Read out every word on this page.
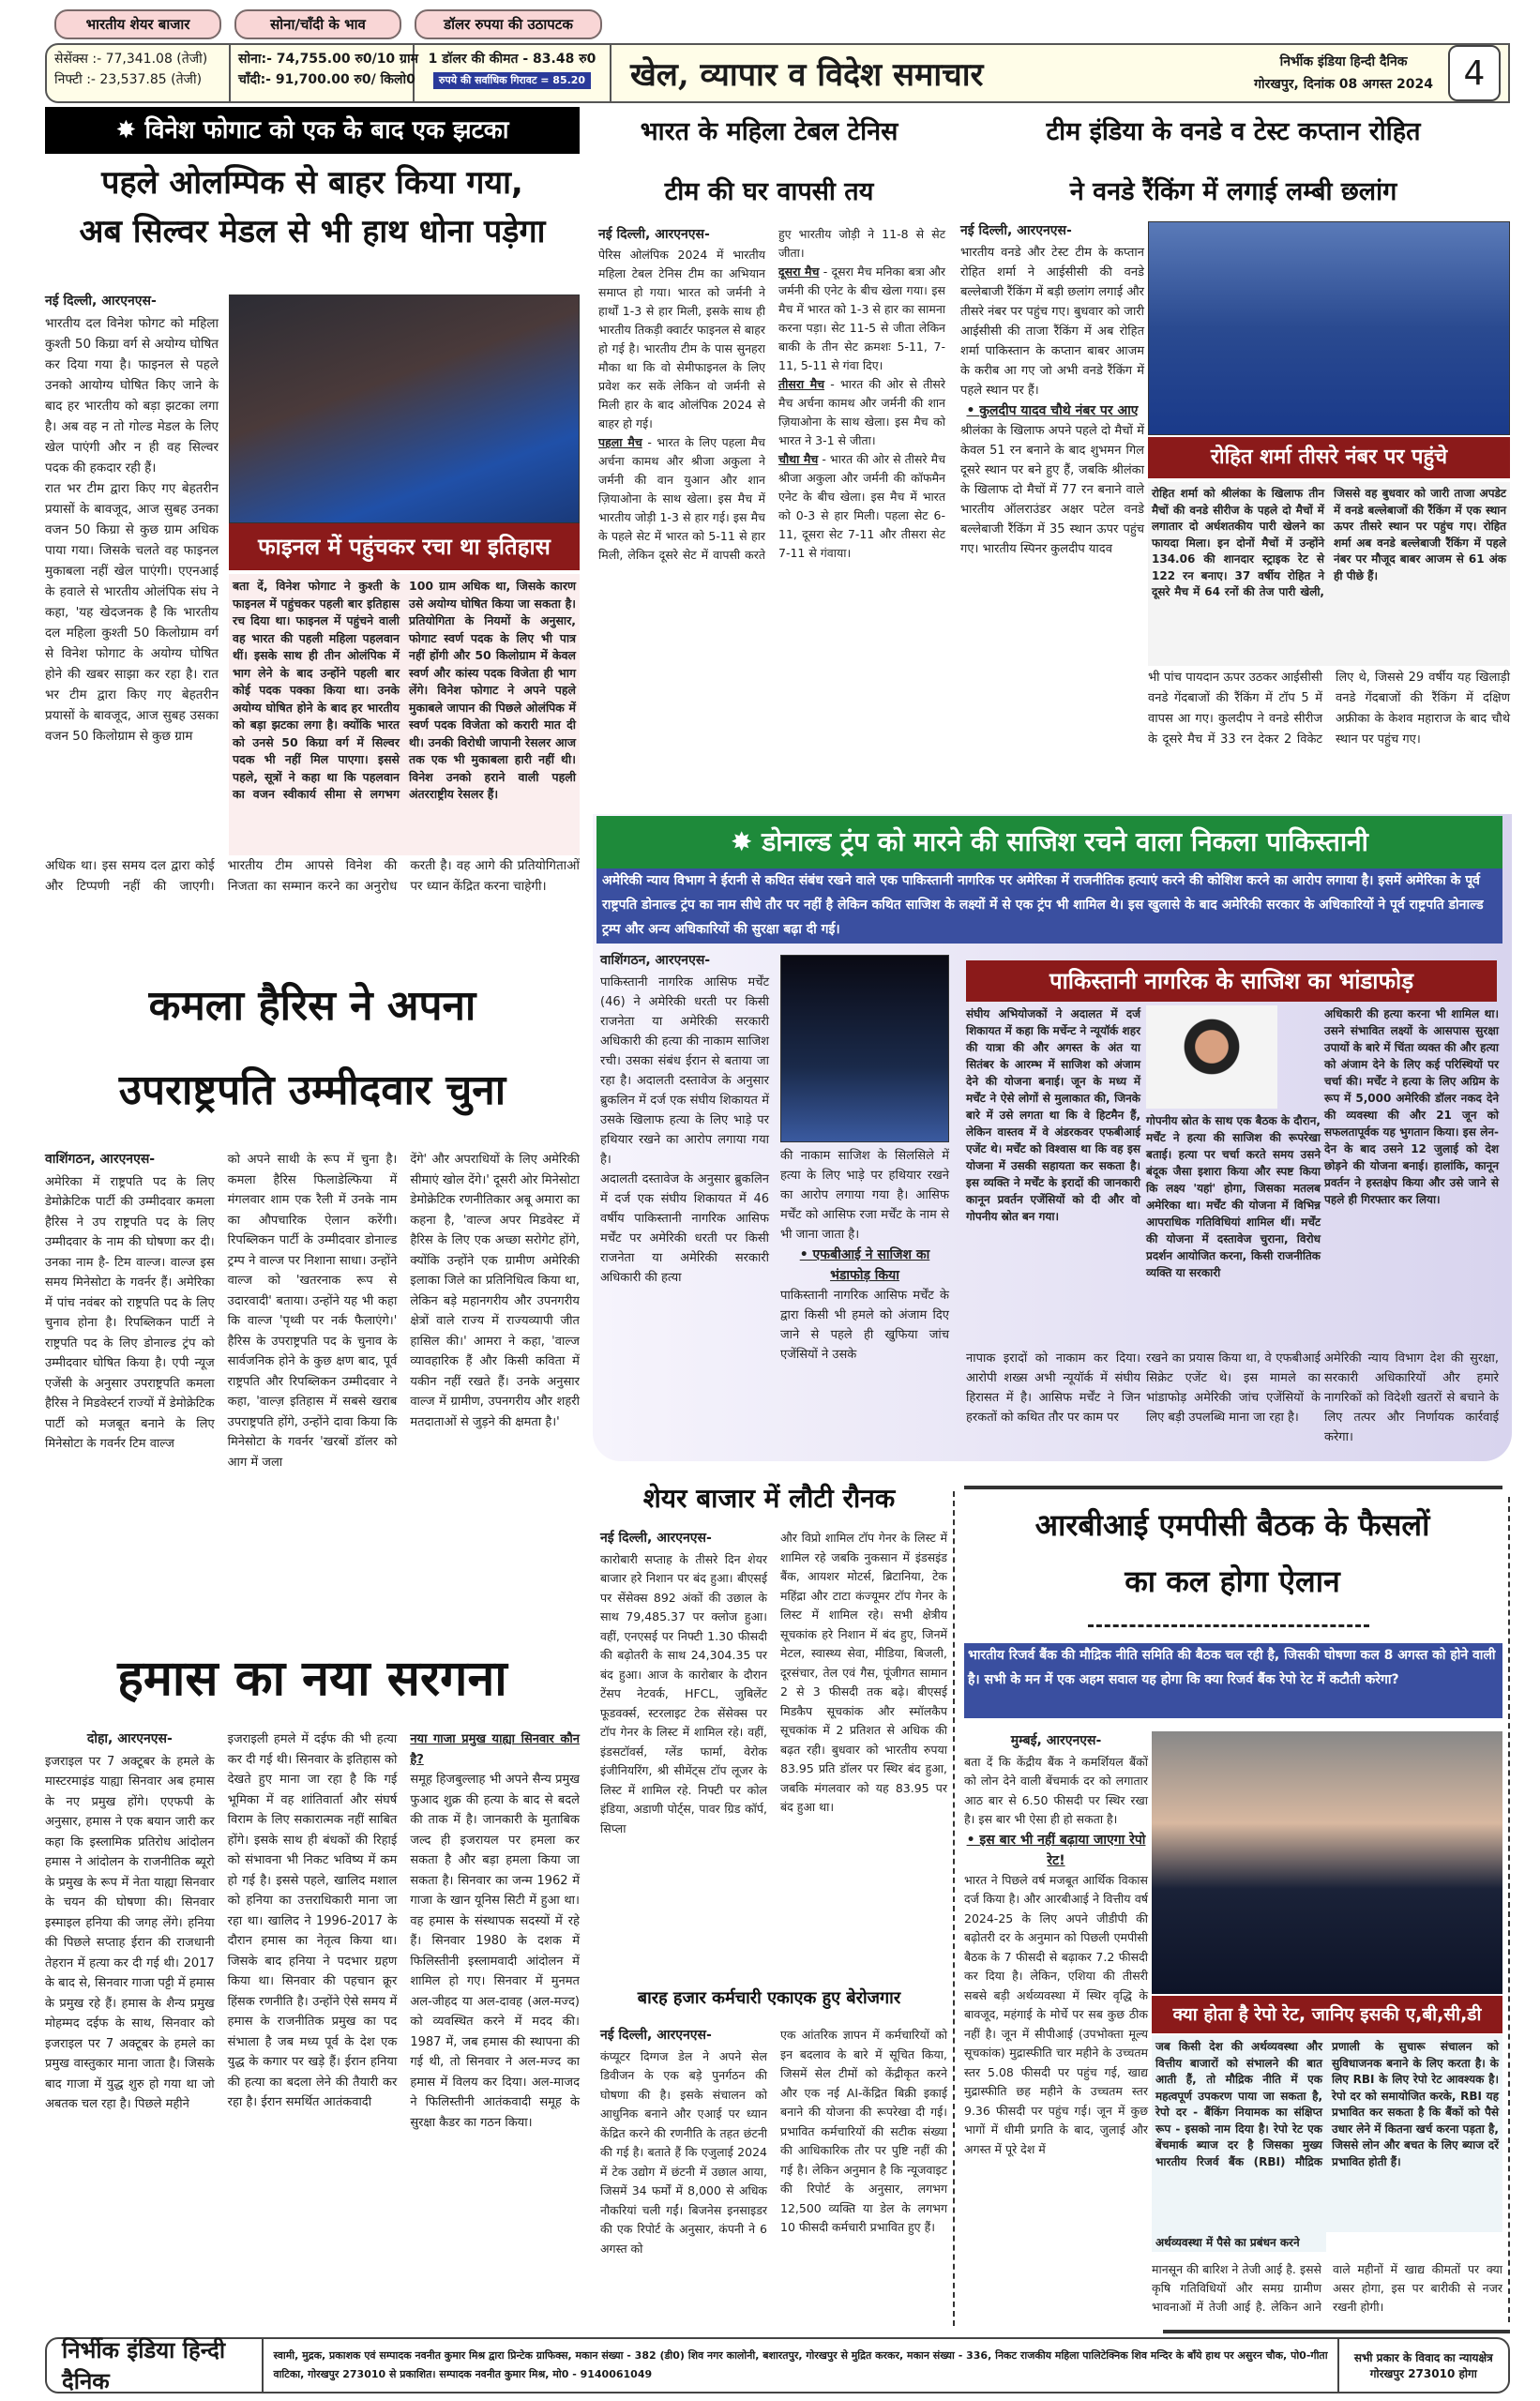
भारतीय शेयर बाजार	सोना/चाँदी के भाव	डॉलर रुपया की उठापटक
सेसेंक्स :- 77,341.08 (तेजी)
निफ्टी :- 23,537.85 (तेजी)
सोना:- 74,755.00 रु0/10 ग्राम
चाँदी:- 91,700.00 रु0/ किलो0
1 डॉलर की कीमत - 83.48 रु0
रुपये की सर्वाधिक गिरावट = 85.20	खेल, व्यापार व विदेश समाचार	निर्भीक इंडिया हिन्दी दैनिक
गोरखपुर, दिनांक 08 अगस्त 2024 4
✸ विनेश फोगाट को एक के बाद एक झटका
पहले ओलम्पिक से बाहर किया गया,
अब सिल्वर मेडल से भी हाथ धोना पड़ेगा
नई दिल्ली, आरएनएस-

भारतीय दल विनेश फोगट को महिला कुश्ती 50 किग्रा वर्ग से अयोग्य घोषित कर दिया गया है। फाइनल से पहले उनको आयोग्य घोषित किए जाने के बाद हर भारतीय को बड़ा झटका लगा है। अब वह न तो गोल्ड मेडल के लिए खेल पाएंगी और न ही वह सिल्वर पदक की हकदार रही हैं।

रात भर टीम द्वारा किए गए बेहतरीन प्रयासों के बावजूद, आज सुबह उनका वजन 50 किग्रा से कुछ ग्राम अधिक पाया गया। जिसके चलते वह फाइनल मुकाबला नहीं खेल पाएंगी। एएनआई के हवाले से भारतीय ओलंपिक संघ ने कहा, 'यह खेदजनक है कि भारतीय दल महिला कुश्ती 50 किलोग्राम वर्ग से विनेश फोगाट के अयोग्य घोषित होने की खबर साझा कर रहा है। रात भर टीम द्वारा किए गए बेहतरीन प्रयासों के बावजूद, आज सुबह उसका वजन 50 किलोग्राम से कुछ ग्राम

फाइनल में पहुंचकर रचा था इतिहास
बता दें, विनेश फोगाट ने कुश्ती के फाइनल में पहुंचकर पहली बार इतिहास रच दिया था। फाइनल में पहुंचने वाली वह भारत की पहली महिला पहलवान थीं। इसके साथ ही तीन ओलंपिक में भाग लेने के बाद उन्होंने पहली बार कोई पदक पक्का किया था। उनके अयोग्य घोषित होने के बाद हर भारतीय को बड़ा झटका लगा है। क्योंकि भारत को उनसे 50 किग्रा वर्ग में सिल्वर पदक भी नहीं मिल पाएगा। इससे पहले, सूत्रों ने कहा था कि पहलवान का वजन स्वीकार्य सीमा से लगभग 100 ग्राम अधिक था, जिसके कारण उसे अयोग्य घोषित किया जा सकता है। प्रतियोगिता के नियमों के अनुसार, फोगाट स्वर्ण पदक के लिए भी पात्र नहीं होंगी और 50 किलोग्राम में केवल स्वर्ण और कांस्य पदक विजेता ही भाग लेंगे। विनेश फोगाट ने अपने पहले मुकाबले जापान की पिछले ओलंपिक में स्वर्ण पदक विजेता को करारी मात दी थी। उनकी विरोधी जापानी रेसलर आज तक एक भी मुकाबला हारी नहीं थी। विनेश उनको हराने वाली पहली अंतरराष्ट्रीय रेसलर हैं।
अधिक था। इस समय दल द्वारा कोई और टिप्पणी नहीं की जाएगी। भारतीय टीम आपसे विनेश की निजता का सम्मान करने का अनुरोध करती है। वह आगे की प्रतियोगिताओं पर ध्यान केंद्रित करना चाहेगी।
भारत के महिला टेबल टेनिस
टीम की घर वापसी तय
नई दिल्ली, आरएनएस-

पेरिस ओलंपिक 2024 में भारतीय महिला टेबल टेनिस टीम का अभियान समाप्त हो गया। भारत को जर्मनी ने हार्थों 1-3 से हार मिली, इसके साथ ही भारतीय तिकड़ी क्वार्टर फाइनल से बाहर हो गई है। भारतीय टीम के पास सुनहरा मौका था कि वो सेमीफाइनल के लिए प्रवेश कर सकें लेकिन वो जर्मनी से मिली हार के बाद ओलंपिक 2024 से बाहर हो गई।

पहला मैच - भारत के लिए पहला मैच अर्चना कामथ और श्रीजा अकुला ने जर्मनी की वान युआन और शान ज़ियाओना के साथ खेला। इस मैच में भारतीय जोड़ी 1-3 से हार गई। इस मैच के पहले सेट में भारत को 5-11 से हार मिली, लेकिन दूसरे सेट में वापसी करते हुए भारतीय जोड़ी ने 11-8 से सेट जीता।

दूसरा मैच - दूसरा मैच मनिका बत्रा और जर्मनी की एनेट के बीच खेला गया। इस मैच में भारत को 1-3 से हार का सामना करना पड़ा। सेट 11-5 से जीता लेकिन बाकी के तीन सेट क्रमशः 5-11, 7-11, 5-11 से गंवा दिए।

तीसरा मैच - भारत की ओर से तीसरे मैच अर्चना कामथ और जर्मनी की शान ज़ियाओना के साथ खेला। इस मैच को भारत ने 3-1 से जीता।

चौथा मैच - भारत की ओर से तीसरे मैच श्रीजा अकुला और जर्मनी की कॉफमैन एनेट के बीच खेला। इस मैच में भारत को 0-3 से हार मिली। पहला सेट 6-11, दूसरा सेट 7-11 और तीसरा सेट 7-11 से गंवाया।

टीम इंडिया के वनडे व टेस्ट कप्तान रोहित
ने वनडे रैंकिंग में लगाई लम्बी छलांग
नई दिल्ली, आरएनएस-

भारतीय वनडे और टेस्ट टीम के कप्तान रोहित शर्मा ने आईसीसी की वनडे बल्लेबाजी रैंकिंग में बड़ी छलांग लगाई और तीसरे नंबर पर पहुंच गए। बुधवार को जारी आईसीसी की ताजा रैंकिंग में अब रोहित शर्मा पाकिस्तान के कप्तान बाबर आजम के करीब आ गए जो अभी वनडे रैंकिंग में पहले स्थान पर हैं।

• कुलदीप यादव चौथे नंबर पर आए

श्रीलंका के खिलाफ अपने पहले दो मैचों में केवल 51 रन बनाने के बाद शुभमन गिल दूसरे स्थान पर बने हुए हैं, जबकि श्रीलंका के खिलाफ दो मैचों में 77 रन बनाने वाले भारतीय ऑलराउंडर अक्षर पटेल वनडे बल्लेबाजी रैंकिंग में 35 स्थान ऊपर पहुंच गए। भारतीय स्पिनर कुलदीप यादव

रोहित शर्मा तीसरे नंबर पर पहुंचे
रोहित शर्मा को श्रीलंका के खिलाफ तीन मैचों की वनडे सीरीज के पहले दो मैचों में लगातार दो अर्धशतकीय पारी खेलने का फायदा मिला। इन दोनों मैचों में उन्होंने 134.06 की शानदार स्ट्राइक रेट से 122 रन बनाए। 37 वर्षीय रोहित ने दूसरे मैच में 64 रनों की तेज पारी खेली, जिससे वह बुधवार को जारी ताजा अपडेट में वनडे बल्लेबाजों की रैंकिंग में एक स्थान ऊपर तीसरे स्थान पर पहुंच गए। रोहित शर्मा अब वनडे बल्लेबाजी रैंकिंग में पहले नंबर पर मौजूद बाबर आजम से 61 अंक ही पीछे हैं।
भी पांच पायदान ऊपर उठकर आईसीसी वनडे गेंदबाजों की रैंकिंग में टॉप 5 में वापस आ गए। कुलदीप ने वनडे सीरीज के दूसरे मैच में 33 रन देकर 2 विकेट लिए थे, जिससे 29 वर्षीय यह खिलाड़ी वनडे गेंदबाजों की रैंकिंग में दक्षिण अफ्रीका के केशव महाराज के बाद चौथे स्थान पर पहुंच गए।
✸ डोनाल्ड ट्रंप को मारने की साजिश रचने वाला निकला पाकिस्तानी
अमेरिकी न्याय विभाग ने ईरानी से कथित संबंध रखने वाले एक पाकिस्तानी नागरिक पर अमेरिका में राजनीतिक हत्याएं करने की कोशिश करने का आरोप लगाया है। इसमें अमेरिका के पूर्व राष्ट्रपति डोनाल्ड ट्रंप का नाम सीधे तौर पर नहीं है लेकिन कथित साजिश के लक्ष्यों में से एक ट्रंप भी शामिल थे। इस खुलासे के बाद अमेरिकी सरकार के अधिकारियों ने पूर्व राष्ट्रपति डोनाल्ड ट्रम्प और अन्य अधिकारियों की सुरक्षा बढ़ा दी गई।
वाशिंगठन, आरएनएस-

पाकिस्तानी नागरिक आसिफ मर्चेंट (46) ने अमेरिकी धरती पर किसी राजनेता या अमेरिकी सरकारी अधिकारी की हत्या की नाकाम साजिश रची। उसका संबंध ईरान से बताया जा रहा है। अदालती दस्तावेज के अनुसार ब्रुकलिन में दर्ज एक संघीय शिकायत में उसके खिलाफ हत्या के लिए भाड़े पर हथियार रखने का आरोप लगाया गया है।

अदालती दस्तावेज के अनुसार ब्रुकलिन में दर्ज एक संघीय शिकायत में 46 वर्षीय पाकिस्तानी नागरिक आसिफ मर्चेंट पर अमेरिकी धरती पर किसी राजनेता या अमेरिकी सरकारी अधिकारी की हत्या

की नाकाम साजिश के सिलसिले में हत्या के लिए भाड़े पर हथियार रखने का आरोप लगाया गया है। आसिफ मर्चेंट को आसिफ रजा मर्चेंट के नाम से भी जाना जाता है।

• एफबीआई ने साजिश का भंडाफोड़ किया

पाकिस्तानी नागरिक आसिफ मर्चेंट के द्वारा किसी भी हमले को अंजाम दिए जाने से पहले ही खुफिया जांच एजेंसियों ने उसके

पाकिस्तानी नागरिक के साजिश का भांडाफोड़
संघीय अभियोजकों ने अदालत में दर्ज शिकायत में कहा कि मर्चेन्ट ने न्यूयॉर्क शहर की यात्रा की और अगस्त के अंत या सितंबर के आरम्भ में साजिश को अंजाम देने की योजना बनाई। जून के मध्य में मर्चेंट ने ऐसे लोगों से मुलाकात की, जिनके बारे में उसे लगता था कि वे हिटमैन हैं, लेकिन वास्तव में वे अंडरकवर एफबीआई एजेंट थे। मर्चेंट को विश्वास था कि वह इस योजना में उसकी सहायता कर सकता है। इस व्यक्ति ने मर्चेंट के इरादों की जानकारी कानून प्रवर्तन एजेंसियों को दी और वो गोपनीय स्रोत बन गया।
गोपनीय स्रोत के साथ एक बैठक के दौरान, मर्चेंट ने हत्या की साजिश की रूपरेखा बताई। हत्या पर चर्चा करते समय उसने बंदूक जैसा इशारा किया और स्पष्ट किया कि लक्ष्य 'यहां' होगा, जिसका मतलब अमेरिका था। मर्चेंट की योजना में विभिन्न आपराधिक गतिविधियां शामिल थीं। मर्चेंट की योजना में दस्तावेज चुराना, विरोध प्रदर्शन आयोजित करना, किसी राजनीतिक व्यक्ति या सरकारी
अधिकारी की हत्या करना भी शामिल था। उसने संभावित लक्ष्यों के आसपास सुरक्षा उपायों के बारे में चिंता व्यक्त की और हत्या को अंजाम देने के लिए कई परिस्थियों पर चर्चा की। मर्चेंट ने हत्या के लिए अग्रिम के रूप में 5,000 अमेरिकी डॉलर नकद देने की व्यवस्था की और 21 जून को सफलतापूर्वक यह भुगतान किया। इस लेन-देन के बाद उसने 12 जुलाई को देश छोड़ने की योजना बनाई। हालांकि, कानून प्रवर्तन ने हस्तक्षेप किया और उसे जाने से पहले ही गिरफ्तार कर लिया।
नापाक इरादों को नाकाम कर दिया। आरोपी शख्स अभी न्यूयॉर्क में संघीय हिरासत में है। आसिफ मर्चेंट ने जिन हरकतों को कथित तौर पर काम पर
रखने का प्रयास किया था, वे एफबीआई सिक्रेट एजेंट थे। इस मामले का भांडाफोड़ अमेरिकी जांच एजेंसियों के लिए बड़ी उपलब्धि माना जा रहा है।
अमेरिकी न्याय विभाग देश की सुरक्षा, सरकारी अधिकारियों और हमारे नागरिकों को विदेशी खतरों से बचाने के लिए तत्पर और निर्णायक कार्रवाई करेगा।
कमला हैरिस ने अपना
उपराष्ट्रपति उम्मीदवार चुना
वाशिंगठन, आरएनएस-

अमेरिका में राष्ट्रपति पद के लिए डेमोक्रेटिक पार्टी की उम्मीदवार कमला हैरिस ने उप राष्ट्रपति पद के लिए उम्मीदवार के नाम की घोषणा कर दी। उनका नाम है- टिम वाल्ज। वाल्ज इस समय मिनेसोटा के गवर्नर हैं। अमेरिका में पांच नवंबर को राष्ट्रपति पद के लिए चुनाव होना है। रिपब्लिकन पार्टी ने राष्ट्रपति पद के लिए डोनाल्ड ट्रंप को उम्मीदवार घोषित किया है। एपी न्यूज एजेंसी के अनुसार उपराष्ट्रपति कमला हैरिस ने मिडवेस्टर्न राज्यों में डेमोक्रेटिक पार्टी को मजबूत बनाने के लिए मिनेसोटा के गवर्नर टिम वाल्ज

को अपने साथी के रूप में चुना है। कमला हैरिस फिलाडेल्फिया में मंगलवार शाम एक रैली में उनके नाम का औपचारिक ऐलान करेंगी। रिपब्लिकन पार्टी के उम्मीदवार डोनाल्ड ट्रम्प ने वाल्ज पर निशाना साधा। उन्होंने वाल्ज को 'खतरनाक रूप से उदारवादी' बताया। उन्होंने यह भी कहा कि वाल्ज 'पृथ्वी पर नर्क फैलाएंगे।' हैरिस के उपराष्ट्रपति पद के चुनाव के सार्वजनिक होने के कुछ क्षण बाद, पूर्व राष्ट्रपति और रिपब्लिकन उम्मीदवार ने कहा, 'वाल्ज़ इतिहास में सबसे खराब उपराष्ट्रपति होंगे, उन्होंने दावा किया कि मिनेसोटा के गवर्नर 'खरबों डॉलर को आग में जला

देंगे' और अपराधियों के लिए अमेरिकी सीमाएं खोल देंगे।' दूसरी ओर मिनेसोटा डेमोक्रेटिक रणनीतिकार अबू अमारा का कहना है, 'वाल्ज अपर मिडवेस्ट में हैरिस के लिए एक अच्छा सरोगेट होंगे, क्योंकि उन्होंने एक ग्रामीण अमेरिकी इलाका जिले का प्रतिनिधित्व किया था, लेकिन बड़े महानगरीय और उपनगरीय क्षेत्रों वाले राज्य में राज्यव्यापी जीत हासिल की।' आमरा ने कहा, 'वाल्ज व्यावहारिक हैं और किसी कविता में यकीन नहीं रखते हैं। उनके अनुसार वाल्ज में ग्रामीण, उपनगरीय और शहरी मतदाताओं से जुड़ने की क्षमता है।'

हमास का नया सरगना
दोहा, आरएनएस-

इजराइल पर 7 अक्टूबर के हमले के मास्टरमाइंड याह्या सिनवार अब हमास के नए प्रमुख होंगे। एएफपी के अनुसार, हमास ने एक बयान जारी कर कहा कि इस्लामिक प्रतिरोध आंदोलन हमास ने आंदोलन के राजनीतिक ब्यूरो के प्रमुख के रूप में नेता याह्या सिनवार के चयन की घोषणा की। सिनवार इस्माइल हनिया की जगह लेंगे। हनिया की पिछले सप्ताह ईरान की राजधानी तेहरान में हत्या कर दी गई थी। 2017 के बाद से, सिनवार गाजा पट्टी में हमास के प्रमुख रहे हैं। हमास के शैन्य प्रमुख मोहम्मद दईफ के साथ, सिनवार को इजराइल पर 7 अक्टूबर के हमले का प्रमुख वास्तुकार माना जाता है। जिसके बाद गाजा में युद्ध शुरु हो गया था जो अबतक चल रहा है। पिछले महीने

इजराइली हमले में दईफ की भी हत्या कर दी गई थी। सिनवार के इतिहास को देखते हुए माना जा रहा है कि गई भूमिका में वह शांतिवार्ता और संघर्ष विराम के लिए सकारात्मक नहीं साबित होंगे। इसके साथ ही बंधकों की रिहाई को संभावना भी निकट भविष्य में कम हो गई है। इससे पहले, खालिद मशाल को हनिया का उत्तराधिकारी माना जा रहा था। खालिद ने 1996-2017 के दौरान हमास का नेतृत्व किया था। जिसके बाद हनिया ने पदभार ग्रहण किया था। सिनवार की पहचान क्रूर हिंसक रणनीति है। उन्होंने ऐसे समय में हमास के राजनीतिक प्रमुख का पद संभाला है जब मध्य पूर्व के देश एक युद्ध के कगार पर खड़े हैं। ईरान हनिया की हत्या का बदला लेने की तैयारी कर रहा है। ईरान समर्थित आतंकवादी

नया गाजा प्रमुख याह्या सिनवार कौन है?

समूह हिजबुल्लाह भी अपने सैन्य प्रमुख फुआद शुक्र की हत्या के बाद से बदले की ताक में है। जानकारी के मुताबिक जल्द ही इजरायल पर हमला कर सकता है और बड़ा हमला किया जा सकता है। सिनवार का जन्म 1962 में गाजा के खान यूनिस सिटी में हुआ था। वह हमास के संस्थापक सदस्यों में रहे हैं। सिनवार 1980 के दशक में फिलिस्तीनी इस्लामवादी आंदोलन में शामिल हो गए। सिनवार में मुनमत अल-जीहद या अल-दावह (अल-मज्द) को व्यवस्थित करने में मदद की। 1987 में, जब हमास की स्थापना की गई थी, तो सिनवार ने अल-मज्द का हमास में विलय कर दिया। अल-माजद ने फिलिस्तीनी आतंकवादी समूह के सुरक्षा कैडर का गठन किया।

शेयर बाजार में लौटी रौनक
नई दिल्ली, आरएनएस-

कारोबारी सप्ताह के तीसरे दिन शेयर बाजार हरे निशान पर बंद हुआ। बीएसई पर सेंसेक्स 892 अंकों की उछाल के साथ 79,485.37 पर क्लोज हुआ। वहीं, एनएसई पर निफ्टी 1.30 फीसदी की बढ़ोतरी के साथ 24,304.35 पर बंद हुआ। आज के कारोबार के दौरान टेंसप नेटवर्क, HFCL, जुबिलेंट फूडवर्क्स, स्टरलाइट टेक सेंसेक्स पर टॉप गेनर के लिस्ट में शामिल रहे। वहीं, इंडसटॉवर्स, ग्लेंड फार्मा, वेरोक इंजीनियरिंग, श्री सीमेंट्स टॉप लूजर के लिस्ट में शामिल रहे. निफ्टी पर कोल इंडिया, अडाणी पोर्ट्स, पावर ग्रिड कॉर्प, सिप्ला

और विप्रो शामिल टॉप गेनर के लिस्ट में शामिल रहे जबकि नुकसान में इंडसइंड बैंक, आयशर मोटर्स, ब्रिटानिया, टेक महिंद्रा और टाटा कंज्यूमर टॉप गेनर के लिस्ट में शामिल रहे। सभी क्षेत्रीय सूचकांक हरे निशान में बंद हुए, जिनमें मेटल, स्वास्थ्य सेवा, मीडिया, बिजली, दूरसंचार, तेल एवं गैस, पूंजीगत सामान 2 से 3 फीसदी तक बढ़े। बीएसई मिडकैप सूचकांक और स्मॉलकैप सूचकांक में 2 प्रतिशत से अधिक की बढ़त रही। बुधवार को भारतीय रुपया 83.95 प्रति डॉलर पर स्थिर बंद हुआ, जबकि मंगलवार को यह 83.95 पर बंद हुआ था।

बारह हजार कर्मचारी एकाएक हुए बेरोजगार
नई दिल्ली, आरएनएस-

कंप्यूटर दिग्गज डेल ने अपने सेल डिवीजन के एक बड़े पुनर्गठन की घोषणा की है। इसके संचालन को आधुनिक बनाने और एआई पर ध्यान केंद्रित करने की रणनीति के तहत छंटनी की गई है। बताते हैं कि एजुलाई 2024 में टेक उद्योग में छंटनी में उछाल आया, जिसमें 34 फर्मों में 8,000 से अधिक नौकरियां चली गईं। बिजनेस इनसाइडर की एक रिपोर्ट के अनुसार, कंपनी ने 6 अगस्त को

एक आंतरिक ज्ञापन में कर्मचारियों को इन बदलाव के बारे में सूचित किया, जिसमें सेल टीमों को केंद्रीकृत करने और एक नई AI-केंद्रित बिक्री इकाई बनाने की योजना की रूपरेखा दी गई। प्रभावित कर्मचारियों की सटीक संख्या की आधिकारिक तौर पर पुष्टि नहीं की गई है। लेकिन अनुमान है कि न्यूजवाइट की रिपोर्ट के अनुसार, लगभग 12,500 व्यक्ति या डेल के लगभग 10 फीसदी कर्मचारी प्रभावित हुए हैं।

आरबीआई एमपीसी बैठक के फैसलों
का कल होगा ऐलान
भारतीय रिजर्व बैंक की मौद्रिक नीति समिति की बैठक चल रही है, जिसकी घोषणा कल 8 अगस्त को होने वाली है। सभी के मन में एक अहम सवाल यह होगा कि क्या रिजर्व बैंक रेपो रेट में कटौती करेगा?
मुम्बई, आरएनएस-

बता दें कि केंद्रीय बैंक ने कमर्शियल बैंकों को लोन देने वाली बेंचमार्क दर को लगातार आठ बार से 6.50 फीसदी पर स्थिर रखा है। इस बार भी ऐसा ही हो सकता है।

• इस बार भी नहीं बढ़ाया जाएगा रेपो रेट!

भारत ने पिछले वर्ष मजबूत आर्थिक विकास दर्ज किया है। और आरबीआई ने वित्तीय वर्ष 2024-25 के लिए अपने जीडीपी की बढ़ोतरी दर के अनुमान को पिछली एमपीसी बैठक के 7 फीसदी से बढ़ाकर 7.2 फीसदी कर दिया है। लेकिन, एशिया की तीसरी सबसे बड़ी अर्थव्यवस्था में स्थिर वृद्धि के बावजूद, महंगाई के मोर्चे पर सब कुछ ठीक नहीं है। जून में सीपीआई (उपभोक्ता मूल्य सूचकांक) मुद्रास्फीति चार महीने के उच्चतम स्तर 5.08 फीसदी पर पहुंच गई, खाद्य मुद्रास्फीति छह महीने के उच्चतम स्तर 9.36 फीसदी पर पहुंच गई। जून में कुछ भागों में धीमी प्रगति के बाद, जुलाई और अगस्त में पूरे देश में

क्या होता है रेपो रेट, जानिए इसकी ए,बी,सी,डी
जब किसी देश की अर्थव्यवस्था और वित्तीय बाजारों को संभालने की बात आती हैं, तो मौद्रिक नीति में एक महत्वपूर्ण उपकरण पाया जा सकता है, रेपो दर - बैंकिंग नियामक का संक्षिप्त रूप - इसको नाम दिया है। रेपो रेट एक बेंचमार्क ब्याज दर है जिसका मुख्य भारतीय रिजर्व बैंक (RBI) मौद्रिक प्रणाली के सुचारू संचालन को सुविधाजनक बनाने के लिए करता है। के लिए RBI के लिए रेपो रेट आवश्यक है। रेपो दर को समायोजित करके, RBI यह प्रभावित कर सकता है कि बैंकों को पैसे उधार लेने में कितना खर्च करना पड़ता है, जिससे लोन और बचत के लिए ब्याज दरें प्रभावित होती हैं।
अर्थव्यवस्था में पैसे का प्रबंधन करने
मानसून की बारिश ने तेजी आई है. इससे कृषि गतिविधियों और समग्र ग्रामीण भावनाओं में तेजी आई है. लेकिन आने वाले महीनों में खाद्य कीमतों पर क्या असर होगा, इस पर बारीकी से नजर रखनी होगी।
निर्भीक इंडिया हिन्दी दैनिक
स्वामी, मुद्रक, प्रकाशक एवं सम्पादक नवनीत कुमार मिश्र द्वारा प्रिन्टेक ग्राफिक्स, मकान संख्या - 382 (डी0) शिव नगर कालोनी, बशारतपुर, गोरखपुर से मुद्रित करकर, मकान संख्या - 336, निकट राजकीय महिला पालिटेक्निक शिव मन्दिर के बाँये हाथ पर असुरन चौक, पो0-गीता
वाटिका, गोरखपुर 273010 से प्रकाशित। सम्पादक नवनीत कुमार मिश्र, मो0 - 9140061049
सभी प्रकार के विवाद का न्यायक्षेत्र गोरखपुर 273010 होगा
